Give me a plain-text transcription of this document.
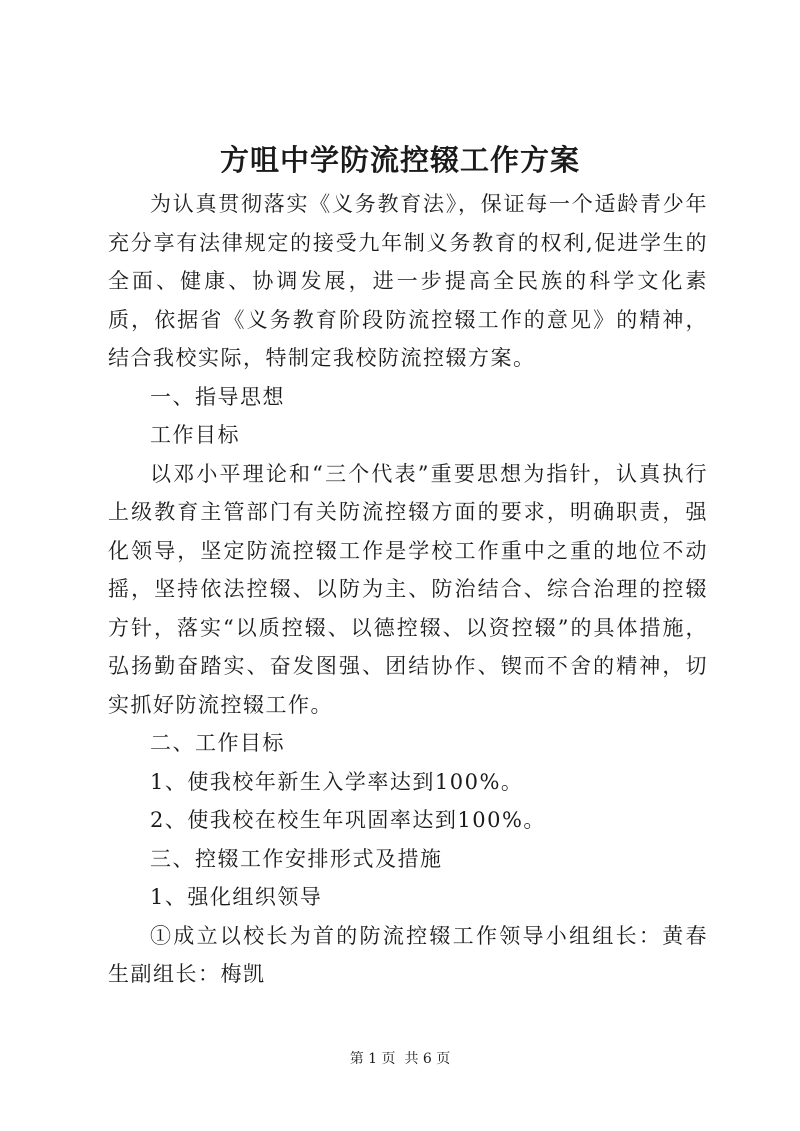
方咀中学防流控辍工作方案

为认真贯彻落实《义务教育法》，保证每一个适龄青少年充分享有法律规定的接受九年制义务教育的权利,促进学生的全面、健康、协调发展，进一步提高全民族的科学文化素质，依据省《义务教育阶段防流控辍工作的意见》的精神，结合我校实际，特制定我校防流控辍方案。

一、指导思想

工作目标

以邓小平理论和“三个代表”重要思想为指针，认真执行上级教育主管部门有关防流控辍方面的要求，明确职责，强化领导，坚定防流控辍工作是学校工作重中之重的地位不动摇，坚持依法控辍、以防为主、防治结合、综合治理的控辍方针，落实“以质控辍、以德控辍、以资控辍”的具体措施，弘扬勤奋踏实、奋发图强、团结协作、锲而不舍的精神，切实抓好防流控辍工作。

二、工作目标

1、使我校年新生入学率达到100%。

2、使我校在校生年巩固率达到100%。

三、控辍工作安排形式及措施

1、强化组织领导

①成立以校长为首的防流控辍工作领导小组组长：黄春生副组长：梅凯

第 1 页  共 6 页
